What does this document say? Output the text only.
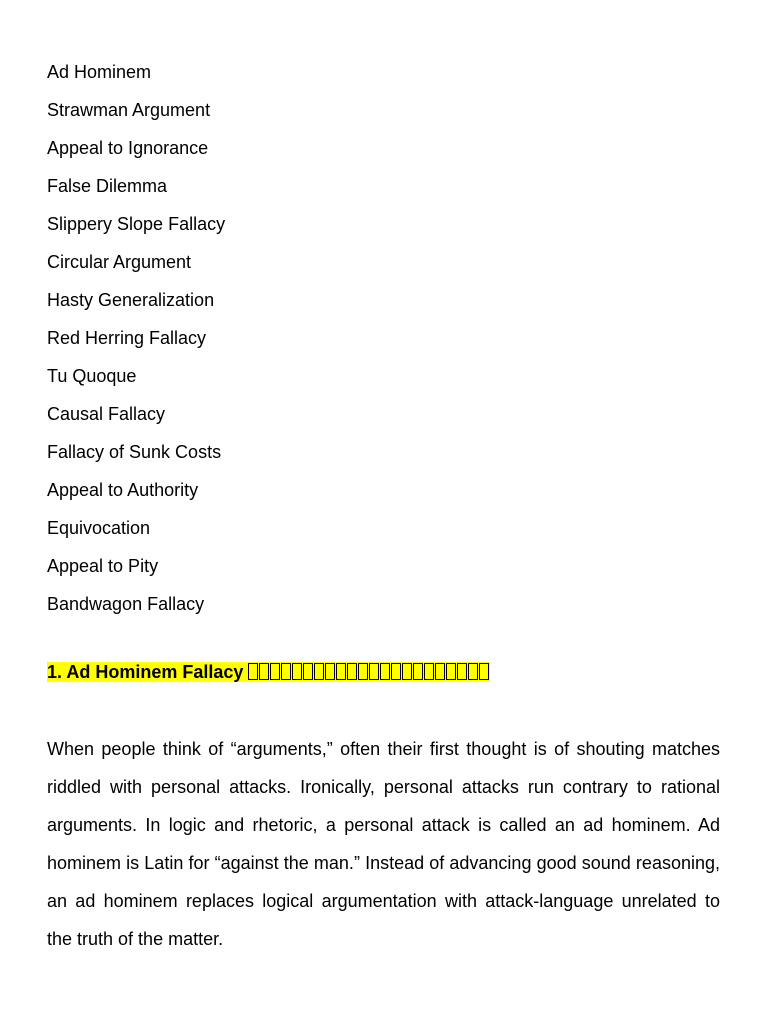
Ad Hominem
Strawman Argument
Appeal to Ignorance
False Dilemma
Slippery Slope Fallacy
Circular Argument
Hasty Generalization
Red Herring Fallacy
Tu Quoque
Causal Fallacy
Fallacy of Sunk Costs
Appeal to Authority
Equivocation
Appeal to Pity
Bandwagon Fallacy
1. Ad Hominem Fallacy

When people think of “arguments,” often their first thought is of shouting matches riddled with personal attacks. Ironically, personal attacks run contrary to rational arguments. In logic and rhetoric, a personal attack is called an ad hominem. Ad hominem is Latin for “against the man.” Instead of advancing good sound reasoning, an ad hominem replaces logical argumentation with attack-language unrelated to the truth of the matter.
